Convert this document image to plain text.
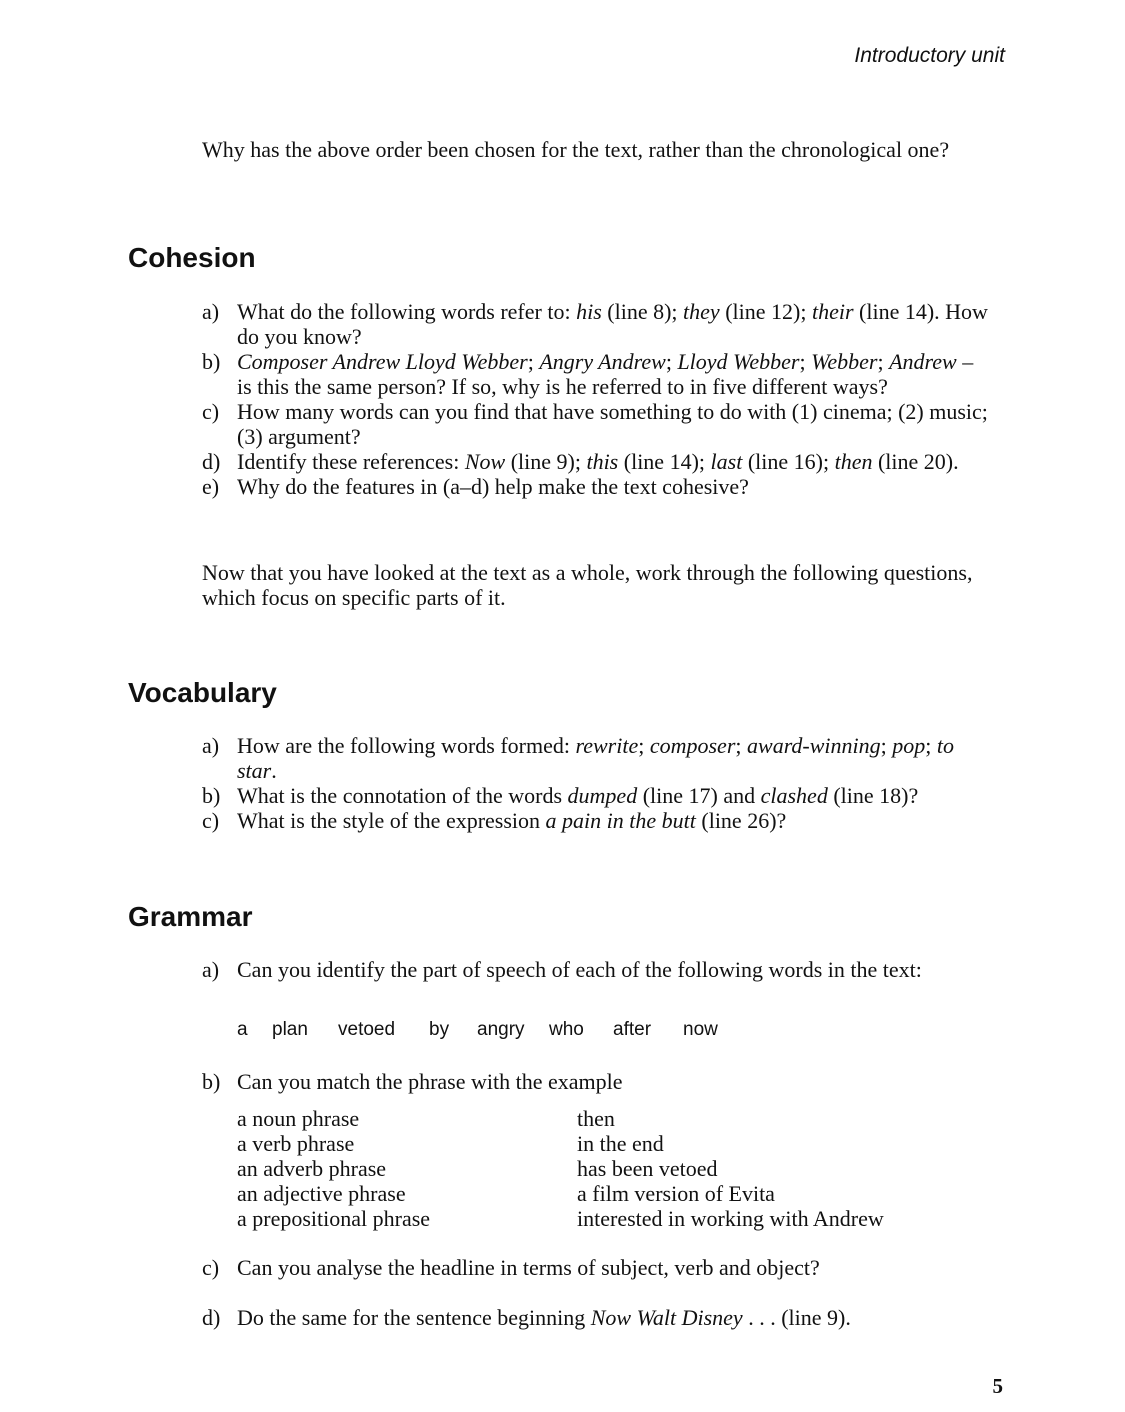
Introductory unit

Why has the above order been chosen for the text, rather than the chronological one?

Cohesion
a) What do the following words refer to: his (line 8); they (line 12); their (line 14). How do you know?
b) Composer Andrew Lloyd Webber; Angry Andrew; Lloyd Webber; Webber; Andrew – is this the same person? If so, why is he referred to in five different ways?
c) How many words can you find that have something to do with (1) cinema; (2) music; (3) argument?
d) Identify these references: Now (line 9); this (line 14); last (line 16); then (line 20).
e) Why do the features in (a–d) help make the text cohesive?

Now that you have looked at the text as a whole, work through the following questions, which focus on specific parts of it.

Vocabulary
a) How are the following words formed: rewrite; composer; award-winning; pop; to star.
b) What is the connotation of the words dumped (line 17) and clashed (line 18)?
c) What is the style of the expression a pain in the butt (line 26)?
Grammar
a) Can you identify the part of speech of each of the following words in the text:
a	plan	vetoed	by	angry	who	after	now
b) Can you match the phrase with the example
a noun phrase	then
a verb phrase	in the end
an adverb phrase	has been vetoed
an adjective phrase	a film version of Evita
a prepositional phrase	interested in working with Andrew
c) Can you analyse the headline in terms of subject, verb and object?
d) Do the same for the sentence beginning Now Walt Disney . . . (line 9).
5
